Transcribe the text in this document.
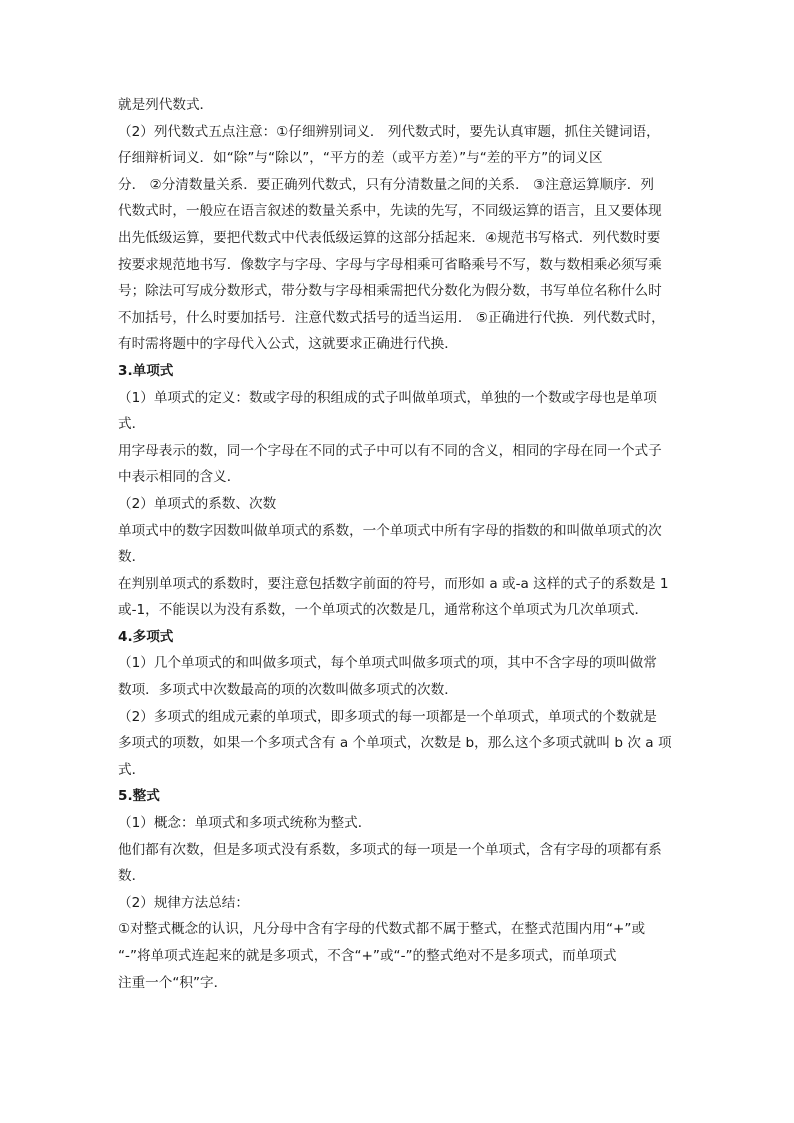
就是列代数式．
（2）列代数式五点注意：①仔细辨别词义． 列代数式时，要先认真审题，抓住关键词语，
仔细辩析词义．如“除”与“除以”，“平方的差（或平方差）”与“差的平方”的词义区
分． ②分清数量关系．要正确列代数式，只有分清数量之间的关系． ③注意运算顺序．列
代数式时，一般应在语言叙述的数量关系中，先读的先写，不同级运算的语言，且又要体现
出先低级运算，要把代数式中代表低级运算的这部分括起来．④规范书写格式．列代数时要
按要求规范地书写．像数字与字母、字母与字母相乘可省略乘号不写，数与数相乘必须写乘
号；除法可写成分数形式，带分数与字母相乘需把代分数化为假分数，书写单位名称什么时
不加括号，什么时要加括号．注意代数式括号的适当运用． ⑤正确进行代换．列代数式时，
有时需将题中的字母代入公式，这就要求正确进行代换．
3.单项式
（1）单项式的定义：数或字母的积组成的式子叫做单项式，单独的一个数或字母也是单项
式．
用字母表示的数，同一个字母在不同的式子中可以有不同的含义，相同的字母在同一个式子
中表示相同的含义．
（2）单项式的系数、次数
单项式中的数字因数叫做单项式的系数，一个单项式中所有字母的指数的和叫做单项式的次
数．
在判别单项式的系数时，要注意包括数字前面的符号，而形如 a 或-a 这样的式子的系数是 1
或-1，不能误以为没有系数，一个单项式的次数是几，通常称这个单项式为几次单项式．
4.多项式
（1）几个单项式的和叫做多项式，每个单项式叫做多项式的项，其中不含字母的项叫做常
数项．多项式中次数最高的项的次数叫做多项式的次数．
（2）多项式的组成元素的单项式，即多项式的每一项都是一个单项式，单项式的个数就是
多项式的项数，如果一个多项式含有 a 个单项式，次数是 b，那么这个多项式就叫 b 次 a 项
式．
5.整式
（1）概念：单项式和多项式统称为整式．
他们都有次数，但是多项式没有系数，多项式的每一项是一个单项式，含有字母的项都有系
数．
（2）规律方法总结：
①对整式概念的认识，凡分母中含有字母的代数式都不属于整式，在整式范围内用“+”或
“-”将单项式连起来的就是多项式，不含“+”或“-”的整式绝对不是多项式，而单项式
注重一个“积”字．
